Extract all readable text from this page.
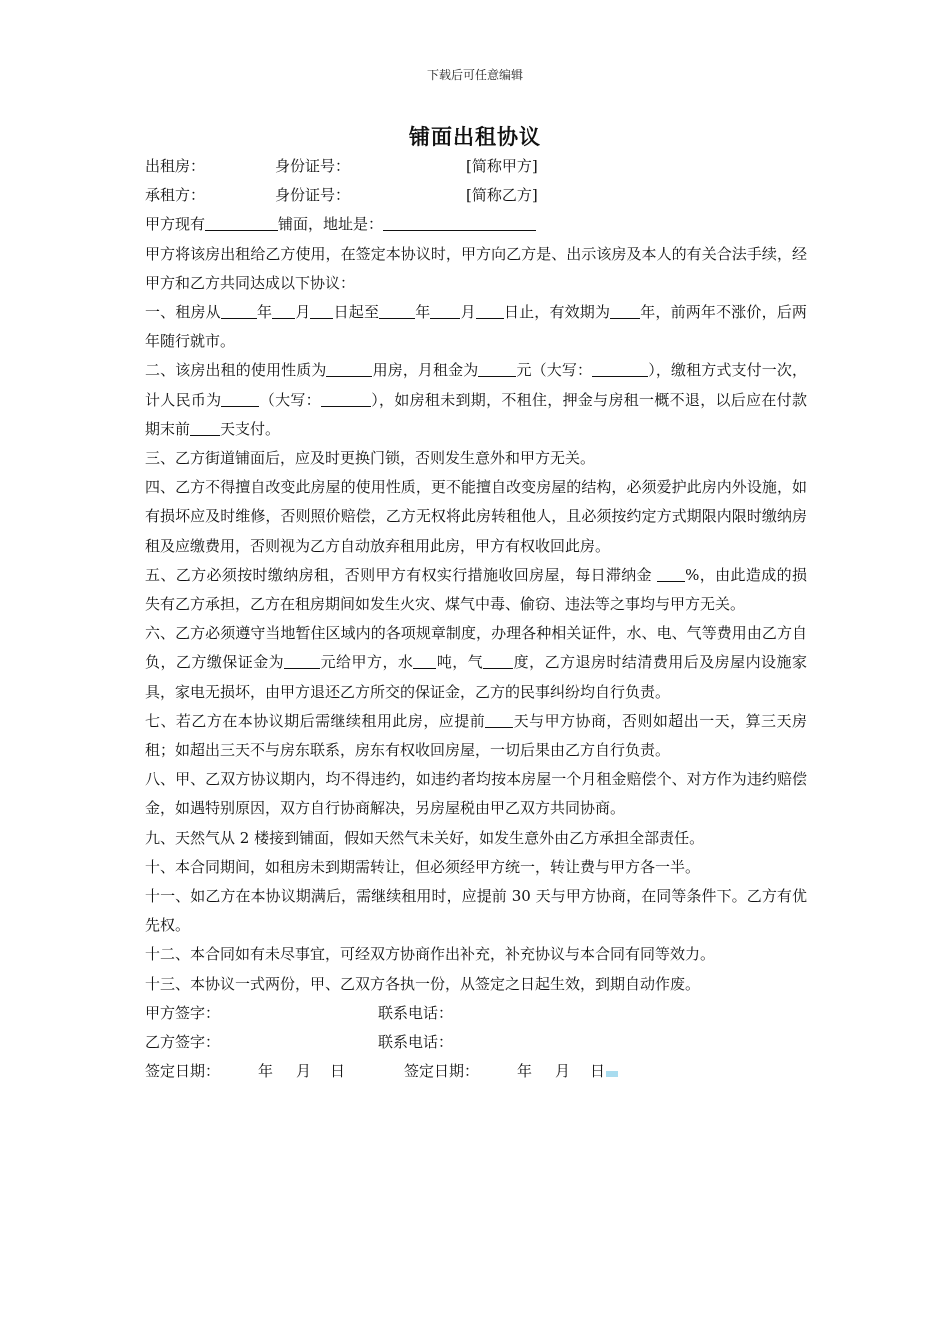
下载后可任意编辑
铺面出租协议
出租房：	身份证号：	[简称甲方]
承租方：	身份证号：	[简称乙方]
甲方现有	铺面，地址是：

甲方将该房出租给乙方使用，在签定本协议时，甲方向乙方是、出示该房及本人的有关合法手续，经甲方和乙方共同达成以下协议：

一、租房从 年 月 日起至 年 月 日止，有效期为 年，前两年不涨价，后两年随行就市。

二、该房出租的使用性质为	用房，月租金为	元（大写：	），缴租方式支付一次，计人民币为	（大写：	），如房租未到期，不租住，押金与房租一概不退，以后应在付款期末前 天支付。

三、乙方街道铺面后，应及时更换门锁，否则发生意外和甲方无关。

四、乙方不得擅自改变此房屋的使用性质，更不能擅自改变房屋的结构，必须爱护此房内外设施，如有损坏应及时维修，否则照价赔偿，乙方无权将此房转租他人，且必须按约定方式期限内限时缴纳房租及应缴费用，否则视为乙方自动放弃租用此房，甲方有权收回此房。

五、乙方必须按时缴纳房租，否则甲方有权实行措施收回房屋，每日滞纳金 %，由此造成的损失有乙方承担，乙方在租房期间如发生火灾、煤气中毒、偷窃、违法等之事均与甲方无关。

六、乙方必须遵守当地暂住区域内的各项规章制度，办理各种相关证件，水、电、气等费用由乙方自负，乙方缴保证金为 元给甲方，水 吨，气 度，乙方退房时结清费用后及房屋内设施家具，家电无损坏，由甲方退还乙方所交的保证金，乙方的民事纠纷均自行负责。

七、若乙方在本协议期后需继续租用此房，应提前 天与甲方协商，否则如超出一天，算三天房租；如超出三天不与房东联系，房东有权收回房屋，一切后果由乙方自行负责。

八、甲、乙双方协议期内，均不得违约，如违约者均按本房屋一个月租金赔偿个、对方作为违约赔偿金，如遇特别原因，双方自行协商解决，另房屋税由甲乙双方共同协商。

九、天然气从 2 楼接到铺面，假如天然气未关好，如发生意外由乙方承担全部责任。

十、本合同期间，如租房未到期需转让，但必须经甲方统一，转让费与甲方各一半。

十一、如乙方在本协议期满后，需继续租用时，应提前 30 天与甲方协商，在同等条件下。乙方有优先权。

十二、本合同如有未尽事宜，可经双方协商作出补充，补充协议与本合同有同等效力。

十三、本协议一式两份，甲、乙双方各执一份，从签定之日起生效，到期自动作废。

甲方签字：	联系电话：
乙方签字：	联系电话：
签定日期：	年 月 日	签定日期：	年 月 日
